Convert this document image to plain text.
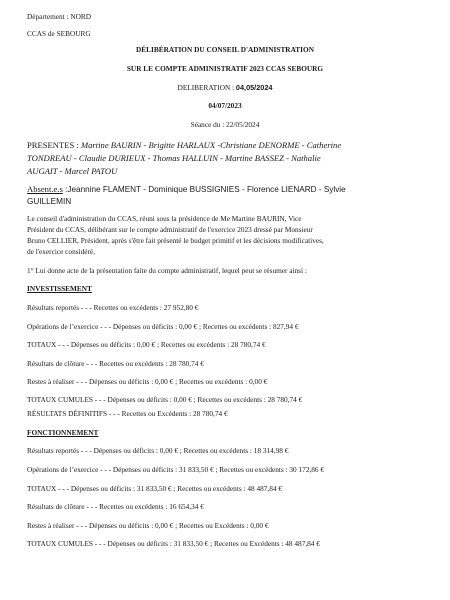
Département : NORD
CCAS de SEBOURG
DÉLIBÉRATION DU CONSEIL D'ADMINISTRATION
SUR LE COMPTE ADMINISTRATIF 2023 CCAS SEBOURG
DELIBERATION : 04,05/2024
04/07/2023
Séance du : 22/05/2024
PRESENTES : Martine BAURIN - Brigitte HARLAUX -Christiane DENORME - Catherine
TONDREAU - Claudie DURIEUX - Thomas HALLUIN - Martine BASSEZ - Nathalie
AUGAIT - Marcel PATOU
Absent.e.s :Jeannine FLAMENT - Dominique BUSSIGNIES - Florence LIENARD - Sylvie
GUILLEMIN
Le conseil d'administration du CCAS, réuni sous la présidence de Me Martine BAURIN, Vice
Président du CCAS, délibérant sur le compte administratif de l'exercice 2023 dressé par Monsieur
Bruno CELLIER, Président, après s'être fait présenté le budget primitif et les décisions modificatives,
de l'exercice considéré,
1° Lui donne acte de la présentation faite du compte administratif, lequel peut se résumer ainsi :
INVESTISSEMENT
Résultats reportés - - - Recettes ou excédents : 27 952,80 €
Opérations de l’exercice - - - Dépenses ou déficits : 0,00 € ; Recettes ou excédents : 827,94 €
TOTAUX - - - Dépenses ou déficits : 0,00 € ; Recettes ou excédents : 28 780,74 €
Résultats de clôture - - - Recettes ou excédents : 28 780,74 €
Restes à réaliser - - - Dépenses ou déficits : 0,00 € ; Recettes ou excédents : 0,00 €
TOTAUX CUMULES - - - Dépenses ou déficits : 0,00 € ; Recettes ou excédents : 28 780,74 €
RÉSULTATS DÉFINITIFS - - - Recettes ou Excédents : 28 780,74 €
FONCTIONNEMENT
Résultats reportés - - - Dépenses ou déficits : 0,00 € ; Recettes ou excédents : 18 314,98 €
Opérations de l’exercice - - - Dépenses ou déficits : 31 833,50 € ; Recettes ou excédents : 30 172,86 €
TOTAUX - - - Dépenses ou déficits : 31 833,50 € ; Recettes ou excédents : 48 487,84 €
Résultats de clôture - - - Recettes ou excédents : 16 654,34 €
Restes à réaliser - - - Dépenses ou déficits : 0,00 € ; Recettes ou Excédents : 0,00 €
TOTAUX CUMULES - - - Dépenses ou déficits : 31 833,50 € ; Recettes ou Excédents : 48 487,84 €
